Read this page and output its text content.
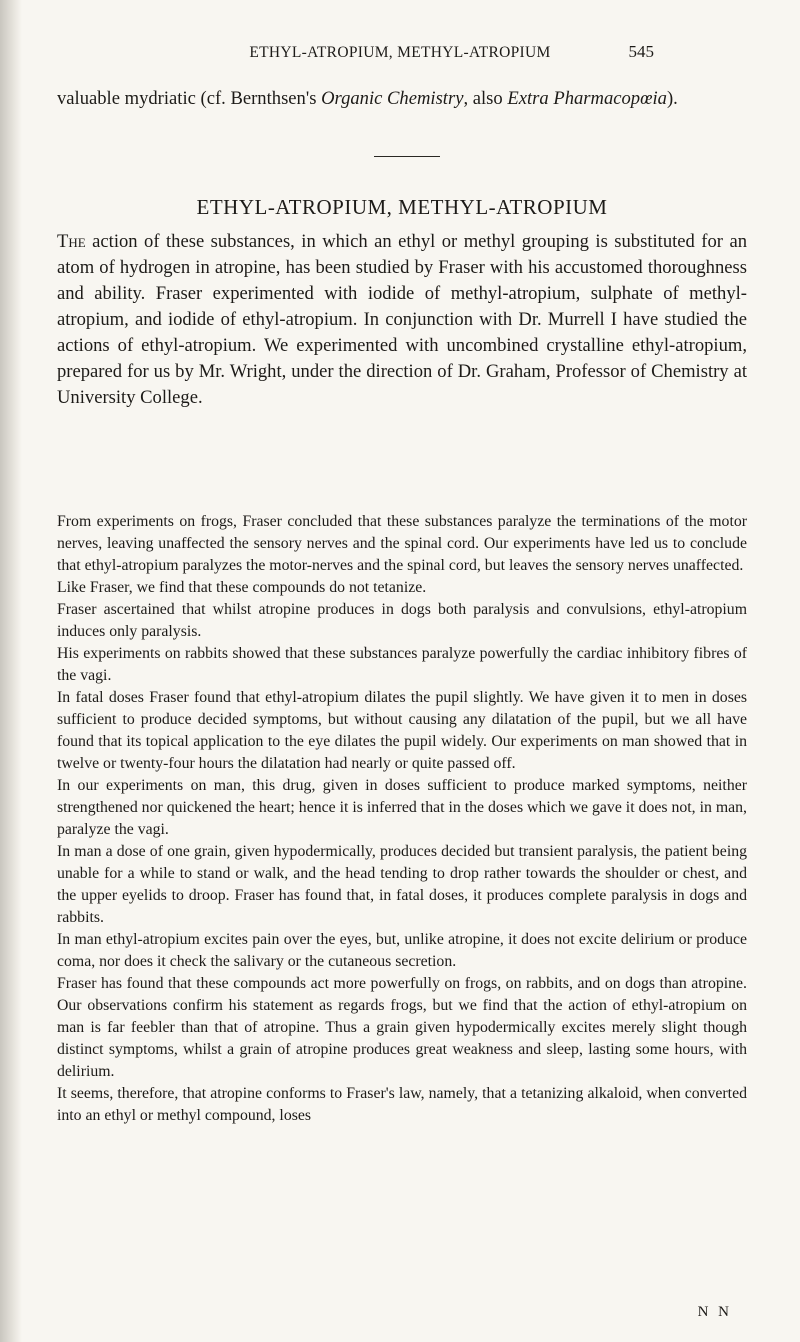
ETHYL-ATROPIUM, METHYL-ATROPIUM	545

valuable mydriatic (cf. Bernthsen's Organic Chemistry, also Extra Pharmacopœia).

ETHYL-ATROPIUM, METHYL-ATROPIUM

The action of these substances, in which an ethyl or methyl grouping is substituted for an atom of hydrogen in atropine, has been studied by Fraser with his accustomed thoroughness and ability. Fraser experimented with iodide of methyl-atropium, sulphate of methyl-atropium, and iodide of ethyl-atropium. In conjunction with Dr. Murrell I have studied the actions of ethyl-atropium. We experimented with uncombined crystalline ethyl-atropium, prepared for us by Mr. Wright, under the direction of Dr. Graham, Professor of Chemistry at University College.

From experiments on frogs, Fraser concluded that these substances paralyze the terminations of the motor nerves, leaving unaffected the sensory nerves and the spinal cord. Our experiments have led us to conclude that ethyl-atropium paralyzes the motor-nerves and the spinal cord, but leaves the sensory nerves unaffected.

Like Fraser, we find that these compounds do not tetanize.

Fraser ascertained that whilst atropine produces in dogs both paralysis and convulsions, ethyl-atropium induces only paralysis.

His experiments on rabbits showed that these substances paralyze powerfully the cardiac inhibitory fibres of the vagi.

In fatal doses Fraser found that ethyl-atropium dilates the pupil slightly. We have given it to men in doses sufficient to produce decided symptoms, but without causing any dilatation of the pupil, but we all have found that its topical application to the eye dilates the pupil widely. Our experiments on man showed that in twelve or twenty-four hours the dilatation had nearly or quite passed off.

In our experiments on man, this drug, given in doses sufficient to produce marked symptoms, neither strengthened nor quickened the heart; hence it is inferred that in the doses which we gave it does not, in man, paralyze the vagi.

In man a dose of one grain, given hypodermically, produces decided but transient paralysis, the patient being unable for a while to stand or walk, and the head tending to drop rather towards the shoulder or chest, and the upper eyelids to droop. Fraser has found that, in fatal doses, it produces complete paralysis in dogs and rabbits.

In man ethyl-atropium excites pain over the eyes, but, unlike atropine, it does not excite delirium or produce coma, nor does it check the salivary or the cutaneous secretion.

Fraser has found that these compounds act more powerfully on frogs, on rabbits, and on dogs than atropine. Our observations confirm his statement as regards frogs, but we find that the action of ethyl-atropium on man is far feebler than that of atropine. Thus a grain given hypodermically excites merely slight though distinct symptoms, whilst a grain of atropine produces great weakness and sleep, lasting some hours, with delirium.

It seems, therefore, that atropine conforms to Fraser's law, namely, that a tetanizing alkaloid, when converted into an ethyl or methyl compound, loses

N N
